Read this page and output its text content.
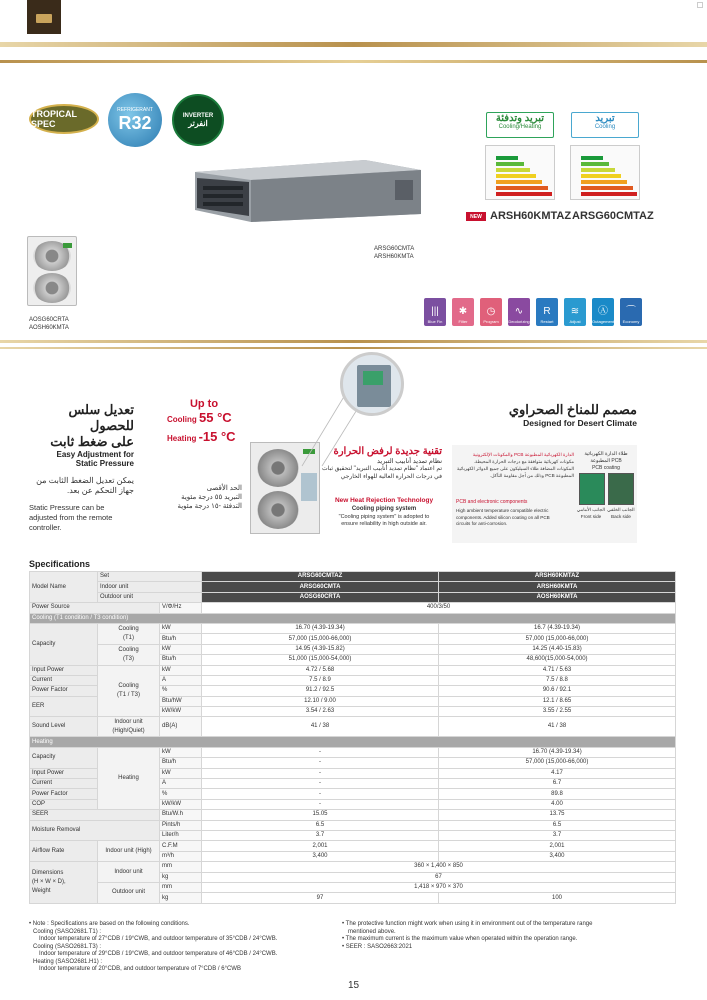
TROPICAL SPEC
REFRIGERANT
R32	INVERTER
انفرتر
ARSG60CMTA
ARSH60KMTA
AOSG60CRTA
AOSH60KMTA
تبريد وتدفئة
Cooling/Heating
تبريد
Cooling
NEW ARSH60KMTAZ ARSG60CMTAZ
|||
Blue Fin
✱
Filter
◷
Program
∿
Deodorizing
R
Restart
≋
Adjust
Ⓐ
Outagement
⌒
Economy
تعديل سلس للحصول
على ضغط ثابت
Easy Adjustment for
Static Pressure
يمكن تعديل الضغط الثابت من
جهاز التحكم عن بعد.
Static Pressure can be
adjusted from the remote
controller.
Up to
Cooling 55 °C
Heating -15 °C
الحد الأقصى
التبريد ٥٥ درجة مئوية
التدفئة -١٥ درجة مئوية
تقنية جديدة لرفض الحرارة
نظام تمديد أنابيب التبريد
تم اعتماد "نظام تمديد أنابيب التبريد" لتحقيق ثبات
في درجات الحرارة العالية للهواء الخارجي
New Heat Rejection Technology
Cooling piping system
"Cooling piping system" is adopted to
ensure reliability in high outside air.
مصمم للمناخ الصحراوي
Designed for Desert Climate
الدارة الكهربائية المطبوعة PCB والمكونات الإلكترونية
مكونات كهربائية متوافقة مع درجات الحرارة المحيطة.
المكونات المضافة طلاء السيليكون على جميع الدوائر الكهربائية
المطبوعة PCB وذلك من أجل مقاومة التآكل.
PCB and electronic components
High ambient temperature compatible electric
components. Added silicon coating on all PCB
circuits for anti-corrosion.
طلاء الدارة الكهربائية المطبوعة PCB
PCB coating
الجانب الأمامي
Front side
الجانب الخلفي
Back side
Specifications
Model Name	Set		ARSG60CMTAZ	ARSH60KMTAZ
	Indoor unit		ARSG60CMTA	ARSH60KMTA
	Outdoor unit		AOSG60CRTA	AOSH60KMTA
Power Source		V/Φ/Hz	400/3/50	
Cooling (T1 condition / T3 condition)				
Capacity	Cooling
(T1)	kW	16.70 (4.39-19.34)	16.7 (4.39-19.34)
		Btu/h	57,000 (15,000-66,000)	57,000 (15,000-66,000)

	Cooling
(T3)	kW	14.95 (4.39-15.82)	14.25 (4.40-15.83)
		Btu/h	51,000 (15,000-54,000)	48,600(15,000-54,000)
Input Power	Cooling
(T1 / T3)	kW	4.72 / 5.68	4.71 / 5.63
Current		A	7.5 / 8.9	7.5 / 8.8
Power Factor		%	91.2 / 92.5	90.6 / 92.1
EER		Btu/hW	12.10 / 9.00	12.1 / 8.65
		kW/kW	3.54 / 2.63	3.55 / 2.55
Sound Level	Indoor unit
(High/Quiet)	dB(A)	41 / 38	41 / 38
Heating				
Capacity	Heating	kW	-	16.70 (4.39-19.34)
		Btu/h	-	57,000 (15,000-66,000)
Input Power		kW	-	4.17
Current		A	-	6.7
Power Factor		%	-	89.8
COP		kW/kW	-	4.00
SEER		Btu/W.h	15.05	13.75
Moisture Removal		Pints/h	6.5	6.5
		Liter/h	3.7	3.7
Airflow Rate	Indoor unit (High)	C.F.M	2,001	2,001
		m³/h	3,400	3,400

Dimensions
(H × W × D),
Weight	Indoor unit	mm	360 × 1,400 × 850	
		kg	67	
	Outdoor unit	mm	1,418 × 970 × 370	
		kg	97	100
• Note : Specifications are based on the following conditions.
Cooling (SASO2681.T1) :
Indoor temperature of 27°CDB / 19°CWB, and outdoor temperature of 35°CDB / 24°CWB.
Cooling (SASO2681.T3) :
Indoor temperature of 29°CDB / 19°CWB, and outdoor temperature of 46°CDB / 24°CWB.
Heating (SASO2681.H1) :
Indoor temperature of 20°CDB, and outdoor temperature of 7°CDB / 6°CWB
• The protective function might work when using it in environment out of the temperature range
mentioned above.
• The maximum current is the maximum value when operated within the operation range.
• SEER : SASO2663:2021
15
